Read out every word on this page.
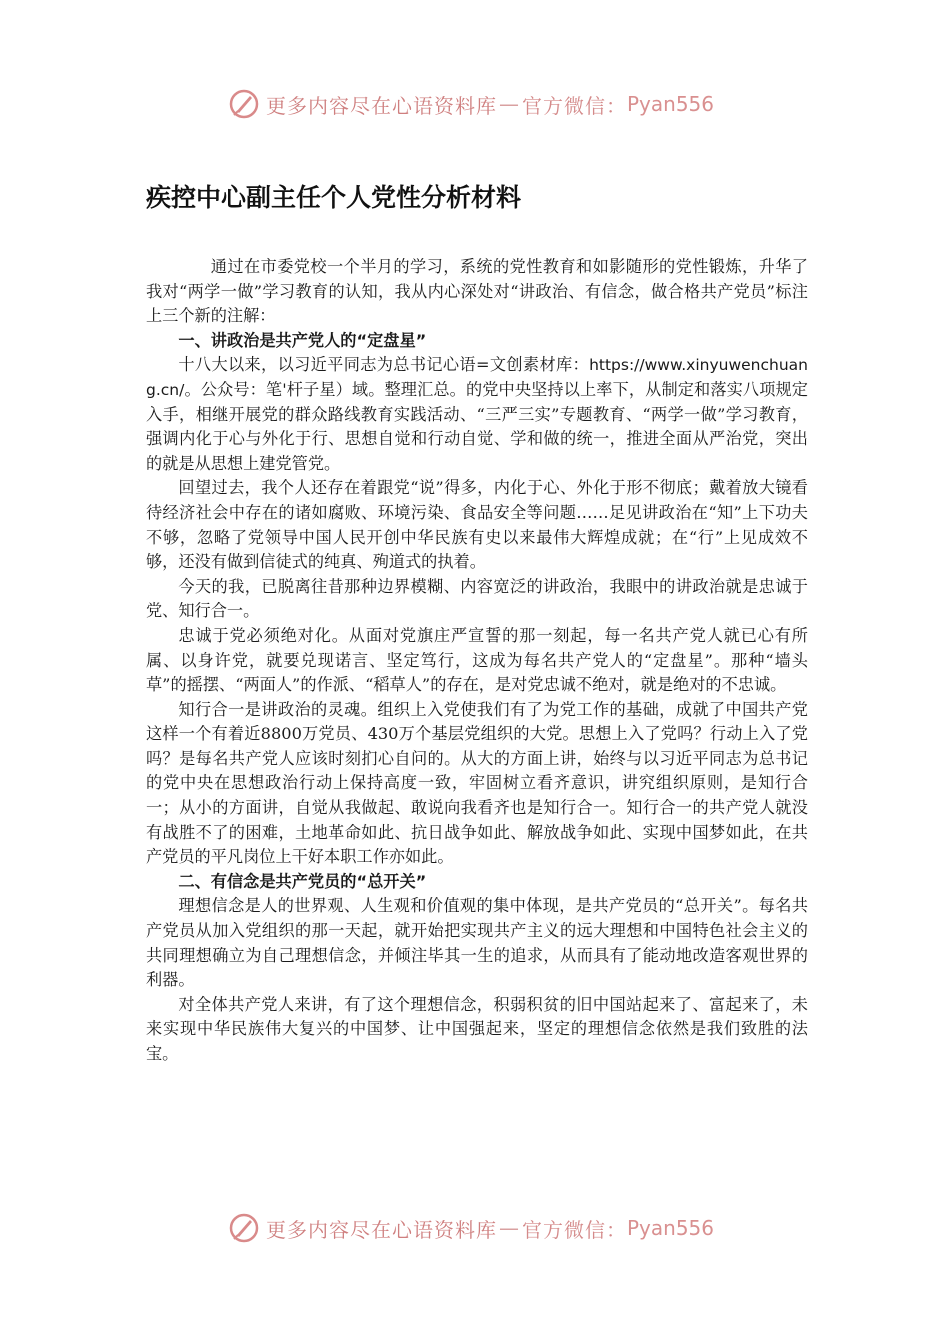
更多内容尽在心语资料库 — 官方微信： Pyan556
疾控中心副主任个人党性分析材料

通过在市委党校一个半月的学习，系统的党性教育和如影随形的党性锻炼，升华了我对“两学一做”学习教育的认知，我从内心深处对“讲政治、有信念，做合格共产党员”标注上三个新的注解：

一、讲政治是共产党人的“定盘星”

十八大以来，以习近平同志为总书记心语=文创素材库：https://www.xinyuwenchuang.cn/。公众号：笔'杆子星）域。整理汇总。的党中央坚持以上率下，从制定和落实八项规定入手，相继开展党的群众路线教育实践活动、“三严三实”专题教育、“两学一做”学习教育，强调内化于心与外化于行、思想自觉和行动自觉、学和做的统一，推进全面从严治党，突出的就是从思想上建党管党。

回望过去，我个人还存在着跟党“说”得多，内化于心、外化于形不彻底；戴着放大镜看待经济社会中存在的诸如腐败、环境污染、食品安全等问题……足见讲政治在“知”上下功夫不够，忽略了党领导中国人民开创中华民族有史以来最伟大辉煌成就；在“行”上见成效不够，还没有做到信徒式的纯真、殉道式的执着。

今天的我，已脱离往昔那种边界模糊、内容宽泛的讲政治，我眼中的讲政治就是忠诚于党、知行合一。

忠诚于党必须绝对化。从面对党旗庄严宣誓的那一刻起，每一名共产党人就已心有所属、以身许党，就要兑现诺言、坚定笃行，这成为每名共产党人的“定盘星”。那种“墙头草”的摇摆、“两面人”的作派、“稻草人”的存在，是对党忠诚不绝对，就是绝对的不忠诚。

知行合一是讲政治的灵魂。组织上入党使我们有了为党工作的基础，成就了中国共产党这样一个有着近8800万党员、430万个基层党组织的大党。思想上入了党吗？行动上入了党吗？是每名共产党人应该时刻扪心自问的。从大的方面上讲，始终与以习近平同志为总书记的党中央在思想政治行动上保持高度一致，牢固树立看齐意识，讲究组织原则，是知行合一；从小的方面讲，自觉从我做起、敢说向我看齐也是知行合一。知行合一的共产党人就没有战胜不了的困难，土地革命如此、抗日战争如此、解放战争如此、实现中国梦如此，在共产党员的平凡岗位上干好本职工作亦如此。

二、有信念是共产党员的“总开关”

理想信念是人的世界观、人生观和价值观的集中体现，是共产党员的“总开关”。每名共产党员从加入党组织的那一天起，就开始把实现共产主义的远大理想和中国特色社会主义的共同理想确立为自己理想信念，并倾注毕其一生的追求，从而具有了能动地改造客观世界的利器。

对全体共产党人来讲，有了这个理想信念，积弱积贫的旧中国站起来了、富起来了，未来实现中华民族伟大复兴的中国梦、让中国强起来，坚定的理想信念依然是我们致胜的法宝。

更多内容尽在心语资料库 — 官方微信： Pyan556
